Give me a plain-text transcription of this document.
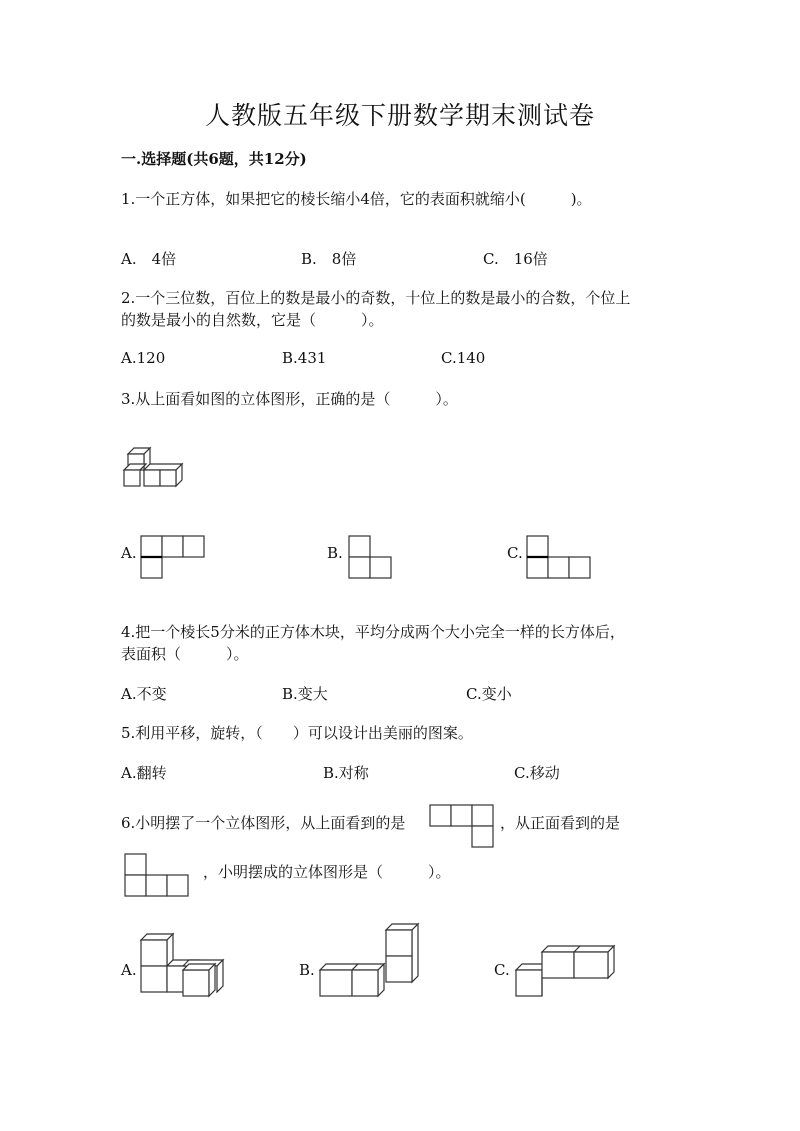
人教版五年级下册数学期末测试卷
一.选择题(共6题，共12分)
1.一个正方体，如果把它的棱长缩小4倍，它的表面积就缩小(　　　)。
A.　4倍	B.　8倍	C.　16倍
2.一个三位数，百位上的数是最小的奇数，十位上的数是最小的合数，个位上
的数是最小的自然数，它是（　　　）。
A.120	B.431	C.140
3.从上面看如图的立体图形，正确的是（　　　）。
A.	B.	C.
4.把一个棱长5分米的正方体木块，平均分成两个大小完全一样的长方体后，
表面积（　　　）。
A.不变	B.变大	C.变小
5.利用平移，旋转，（　　）可以设计出美丽的图案。
A.翻转	B.对称	C.移动
6.小明摆了一个立体图形，从上面看到的是	，从正面看到的是
，小明摆成的立体图形是（　　　）。
A.	B.	C.
